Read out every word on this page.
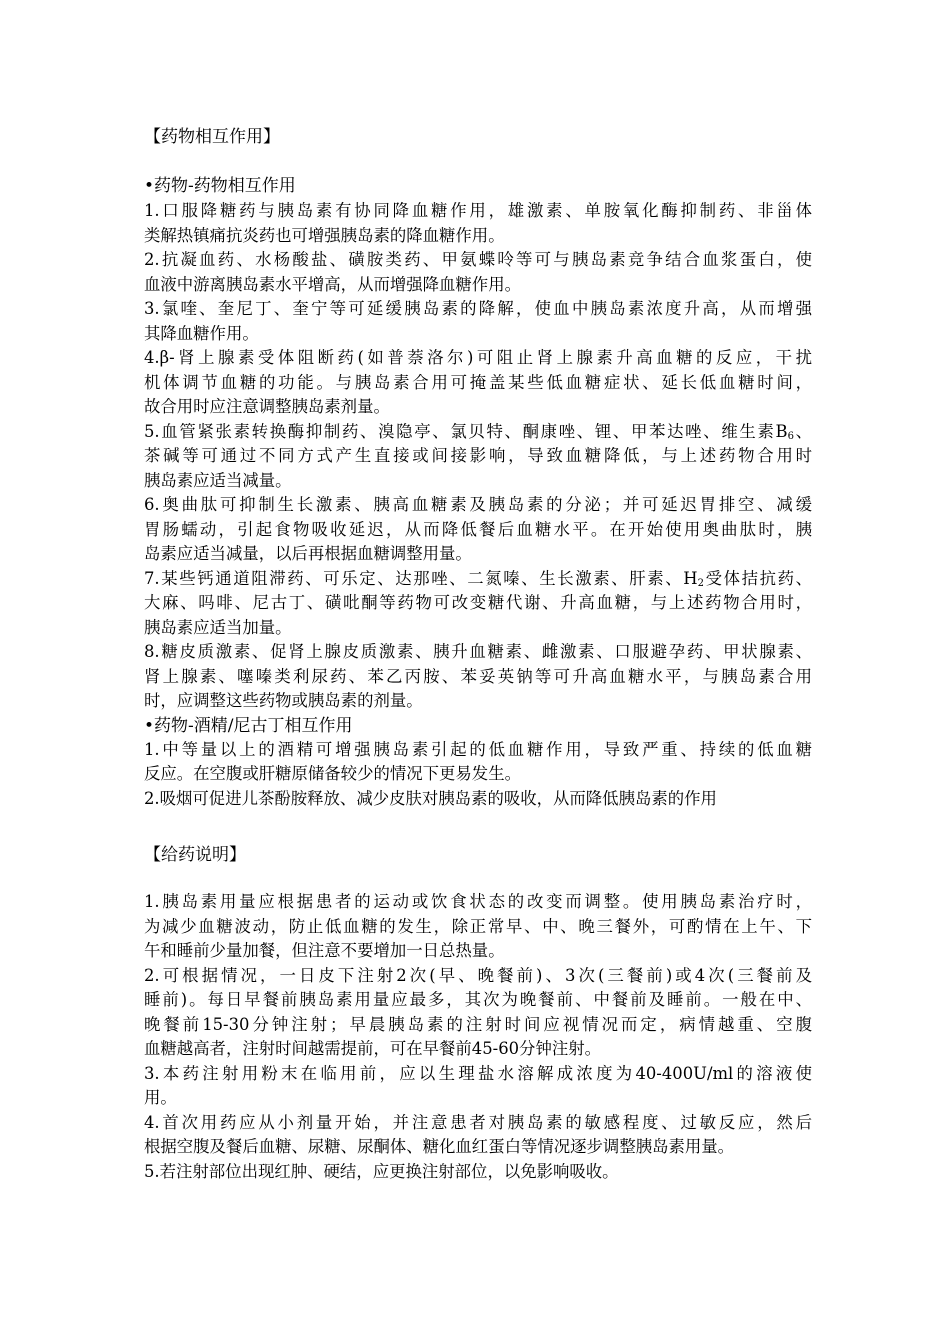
【药物相互作用】
•药物-药物相互作用
1.口服降糖药与胰岛素有协同降血糖作用，雄激素、单胺氧化酶抑制药、非甾体
类解热镇痛抗炎药也可增强胰岛素的降血糖作用。
2.抗凝血药、水杨酸盐、磺胺类药、甲氨蝶呤等可与胰岛素竞争结合血浆蛋白，使
血液中游离胰岛素水平增高，从而增强降血糖作用。
3.氯喹、奎尼丁、奎宁等可延缓胰岛素的降解，使血中胰岛素浓度升高，从而增强
其降血糖作用。
4.β-肾上腺素受体阻断药(如普萘洛尔)可阻止肾上腺素升高血糖的反应，干扰
机体调节血糖的功能。与胰岛素合用可掩盖某些低血糖症状、延长低血糖时间，
故合用时应注意调整胰岛素剂量。
5.血管紧张素转换酶抑制药、溴隐亭、氯贝特、酮康唑、锂、甲苯达唑、维生素$B_6$、
茶碱等可通过不同方式产生直接或间接影响，导致血糖降低，与上述药物合用时
胰岛素应适当减量。
6.奥曲肽可抑制生长激素、胰高血糖素及胰岛素的分泌；并可延迟胃排空、减缓
胃肠蠕动，引起食物吸收延迟，从而降低餐后血糖水平。在开始使用奥曲肽时，胰
岛素应适当减量，以后再根据血糖调整用量。
7.某些钙通道阻滞药、可乐定、达那唑、二氮嗪、生长激素、肝素、$H_2$受体拮抗药、
大麻、吗啡、尼古丁、磺吡酮等药物可改变糖代谢、升高血糖，与上述药物合用时，
胰岛素应适当加量。
8.糖皮质激素、促肾上腺皮质激素、胰升血糖素、雌激素、口服避孕药、甲状腺素、
肾上腺素、噻嗪类利尿药、苯乙丙胺、苯妥英钠等可升高血糖水平，与胰岛素合用
时，应调整这些药物或胰岛素的剂量。
•药物-酒精/尼古丁相互作用
1.中等量以上的酒精可增强胰岛素引起的低血糖作用，导致严重、持续的低血糖
反应。在空腹或肝糖原储备较少的情况下更易发生。
2.吸烟可促进儿茶酚胺释放、减少皮肤对胰岛素的吸收，从而降低胰岛素的作用
【给药说明】
1.胰岛素用量应根据患者的运动或饮食状态的改变而调整。使用胰岛素治疗时，
为减少血糖波动，防止低血糖的发生，除正常早、中、晚三餐外，可酌情在上午、下
午和睡前少量加餐，但注意不要增加一日总热量。
2.可根据情况，一日皮下注射2次(早、晚餐前)、3次(三餐前)或4次(三餐前及
睡前)。每日早餐前胰岛素用量应最多，其次为晚餐前、中餐前及睡前。一般在中、
晚餐前15-30分钟注射；早晨胰岛素的注射时间应视情况而定，病情越重、空腹
血糖越高者，注射时间越需提前，可在早餐前45-60分钟注射。
3.本药注射用粉末在临用前，应以生理盐水溶解成浓度为40-400U/ml的溶液使
用。
4.首次用药应从小剂量开始，并注意患者对胰岛素的敏感程度、过敏反应，然后
根据空腹及餐后血糖、尿糖、尿酮体、糖化血红蛋白等情况逐步调整胰岛素用量。
5.若注射部位出现红肿、硬结，应更换注射部位，以免影响吸收。
